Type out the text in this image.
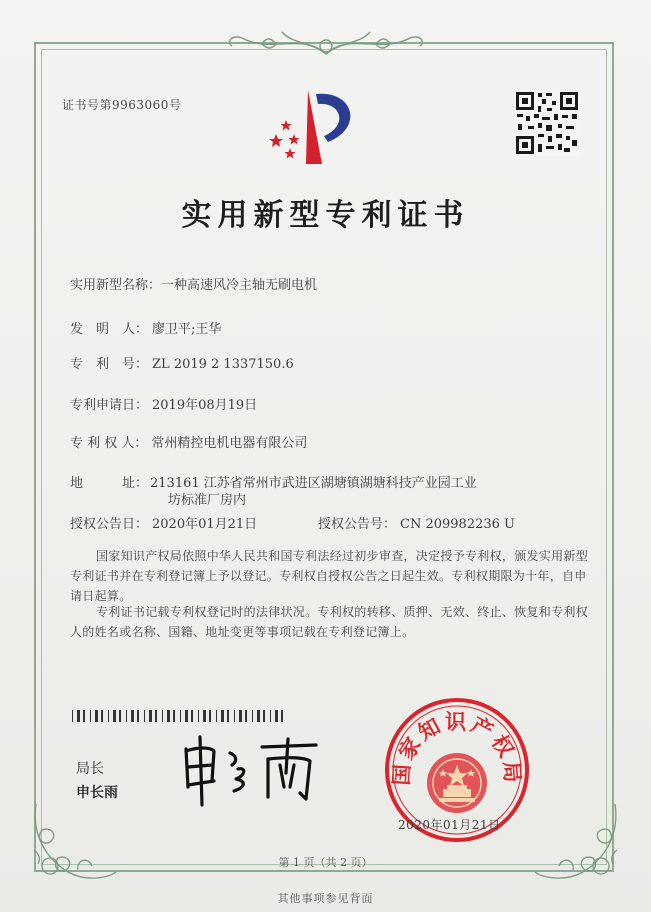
证书号第9963060号
实用新型专利证书
实用新型名称：一种高速风冷主轴无刷电机
发　明　人： 廖卫平;王华
专　利　号： ZL 2019 2 1337150.6
专利申请日： 2019年08月19日
专 利 权 人： 常州精控电机电器有限公司
地　　　址： 213161 江苏省常州市武进区湖塘镇湖塘科技产业园工业
坊标准厂房内
授权公告日： 2020年01月21日	授权公告号： CN 209982236 U
国家知识产权局依照中华人民共和国专利法经过初步审查，决定授予专利权，颁发实用新型专利证书并在专利登记簿上予以登记。专利权自授权公告之日起生效。专利权期限为十年，自申请日起算。
专利证书记载专利权登记时的法律状况。专利权的转移、质押、无效、终止、恢复和专利权人的姓名或名称、国籍、地址变更等事项记载在专利登记簿上。
局长
申长雨
国家知识产权局
2020年01月21日
第 1 页（共 2 页）
其他事项参见背面
